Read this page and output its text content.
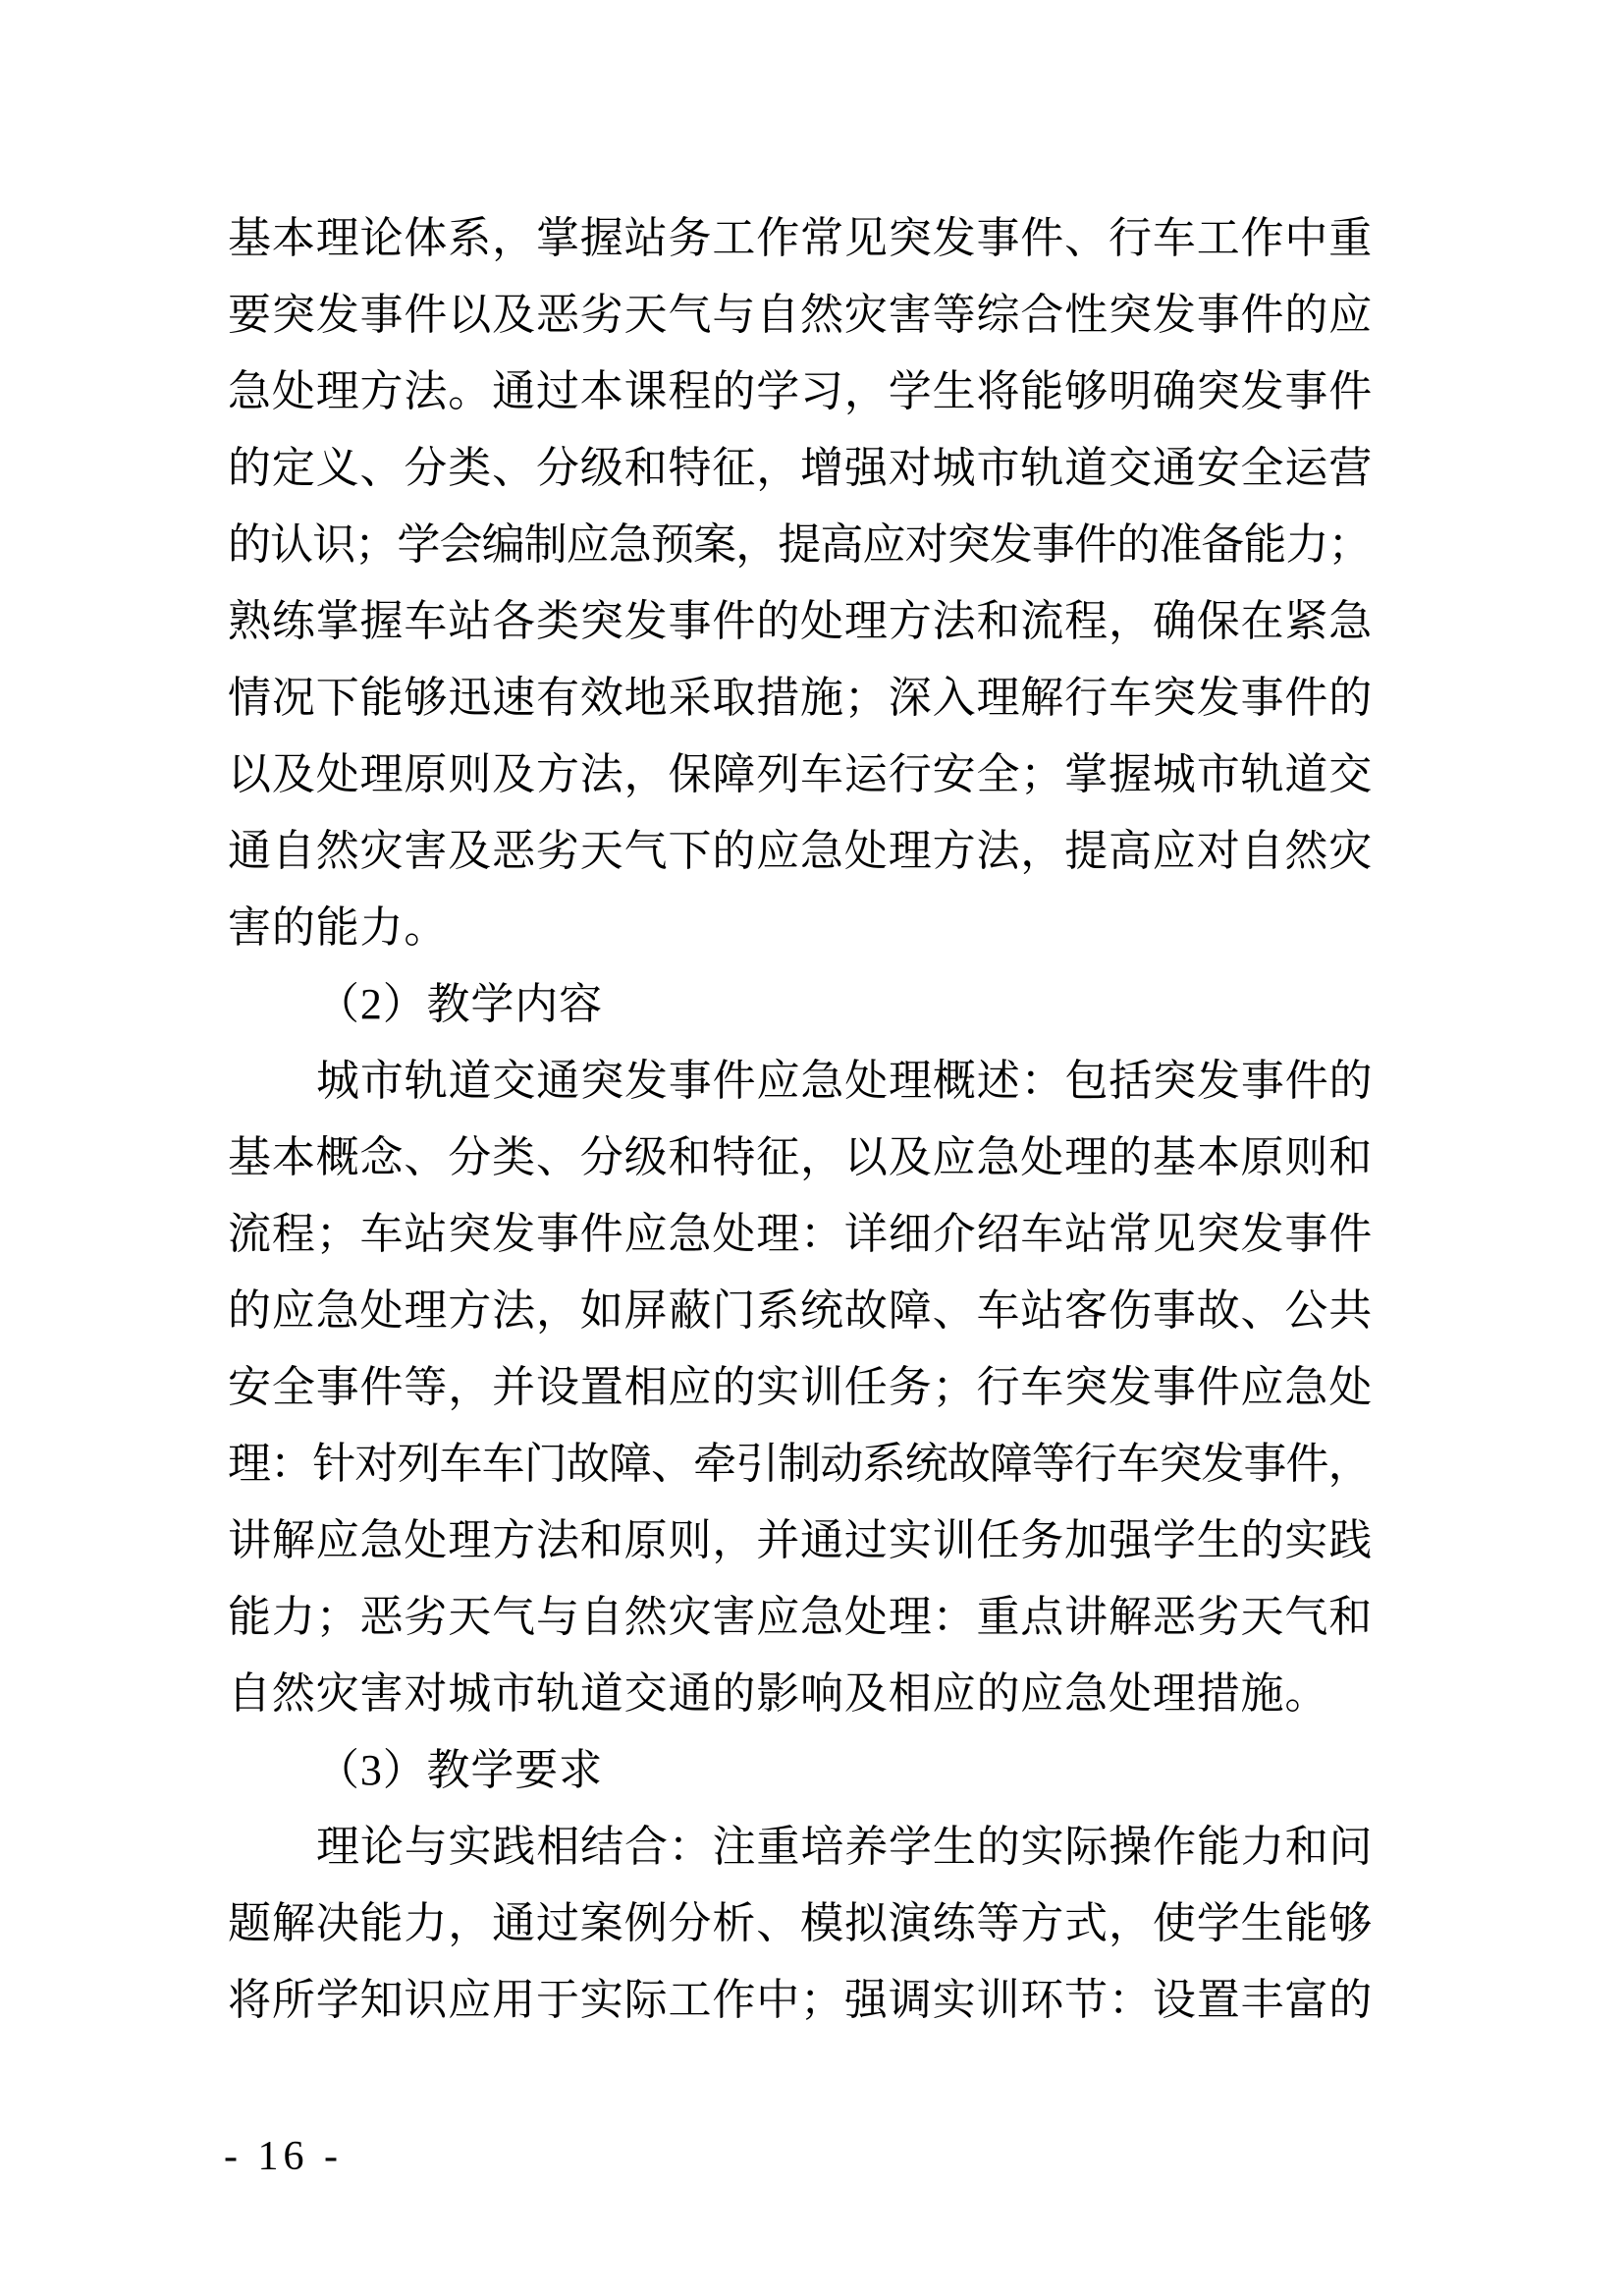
基本理论体系，掌握站务工作常见突发事件、行车工作中重
要突发事件以及恶劣天气与自然灾害等综合性突发事件的应
急处理方法。通过本课程的学习，学生将能够明确突发事件
的定义、分类、分级和特征，增强对城市轨道交通安全运营
的认识；学会编制应急预案，提高应对突发事件的准备能力；
熟练掌握车站各类突发事件的处理方法和流程，确保在紧急
情况下能够迅速有效地采取措施；深入理解行车突发事件的
以及处理原则及方法，保障列车运行安全；掌握城市轨道交
通自然灾害及恶劣天气下的应急处理方法，提高应对自然灾
害的能力。
（2）教学内容
城市轨道交通突发事件应急处理概述：包括突发事件的
基本概念、分类、分级和特征，以及应急处理的基本原则和
流程；车站突发事件应急处理：详细介绍车站常见突发事件
的应急处理方法，如屏蔽门系统故障、车站客伤事故、公共
安全事件等，并设置相应的实训任务；行车突发事件应急处
理：针对列车车门故障、牵引制动系统故障等行车突发事件，
讲解应急处理方法和原则，并通过实训任务加强学生的实践
能力；恶劣天气与自然灾害应急处理：重点讲解恶劣天气和
自然灾害对城市轨道交通的影响及相应的应急处理措施。
（3）教学要求
理论与实践相结合：注重培养学生的实际操作能力和问
题解决能力，通过案例分析、模拟演练等方式，使学生能够
将所学知识应用于实际工作中；强调实训环节：设置丰富的
- 16 -
